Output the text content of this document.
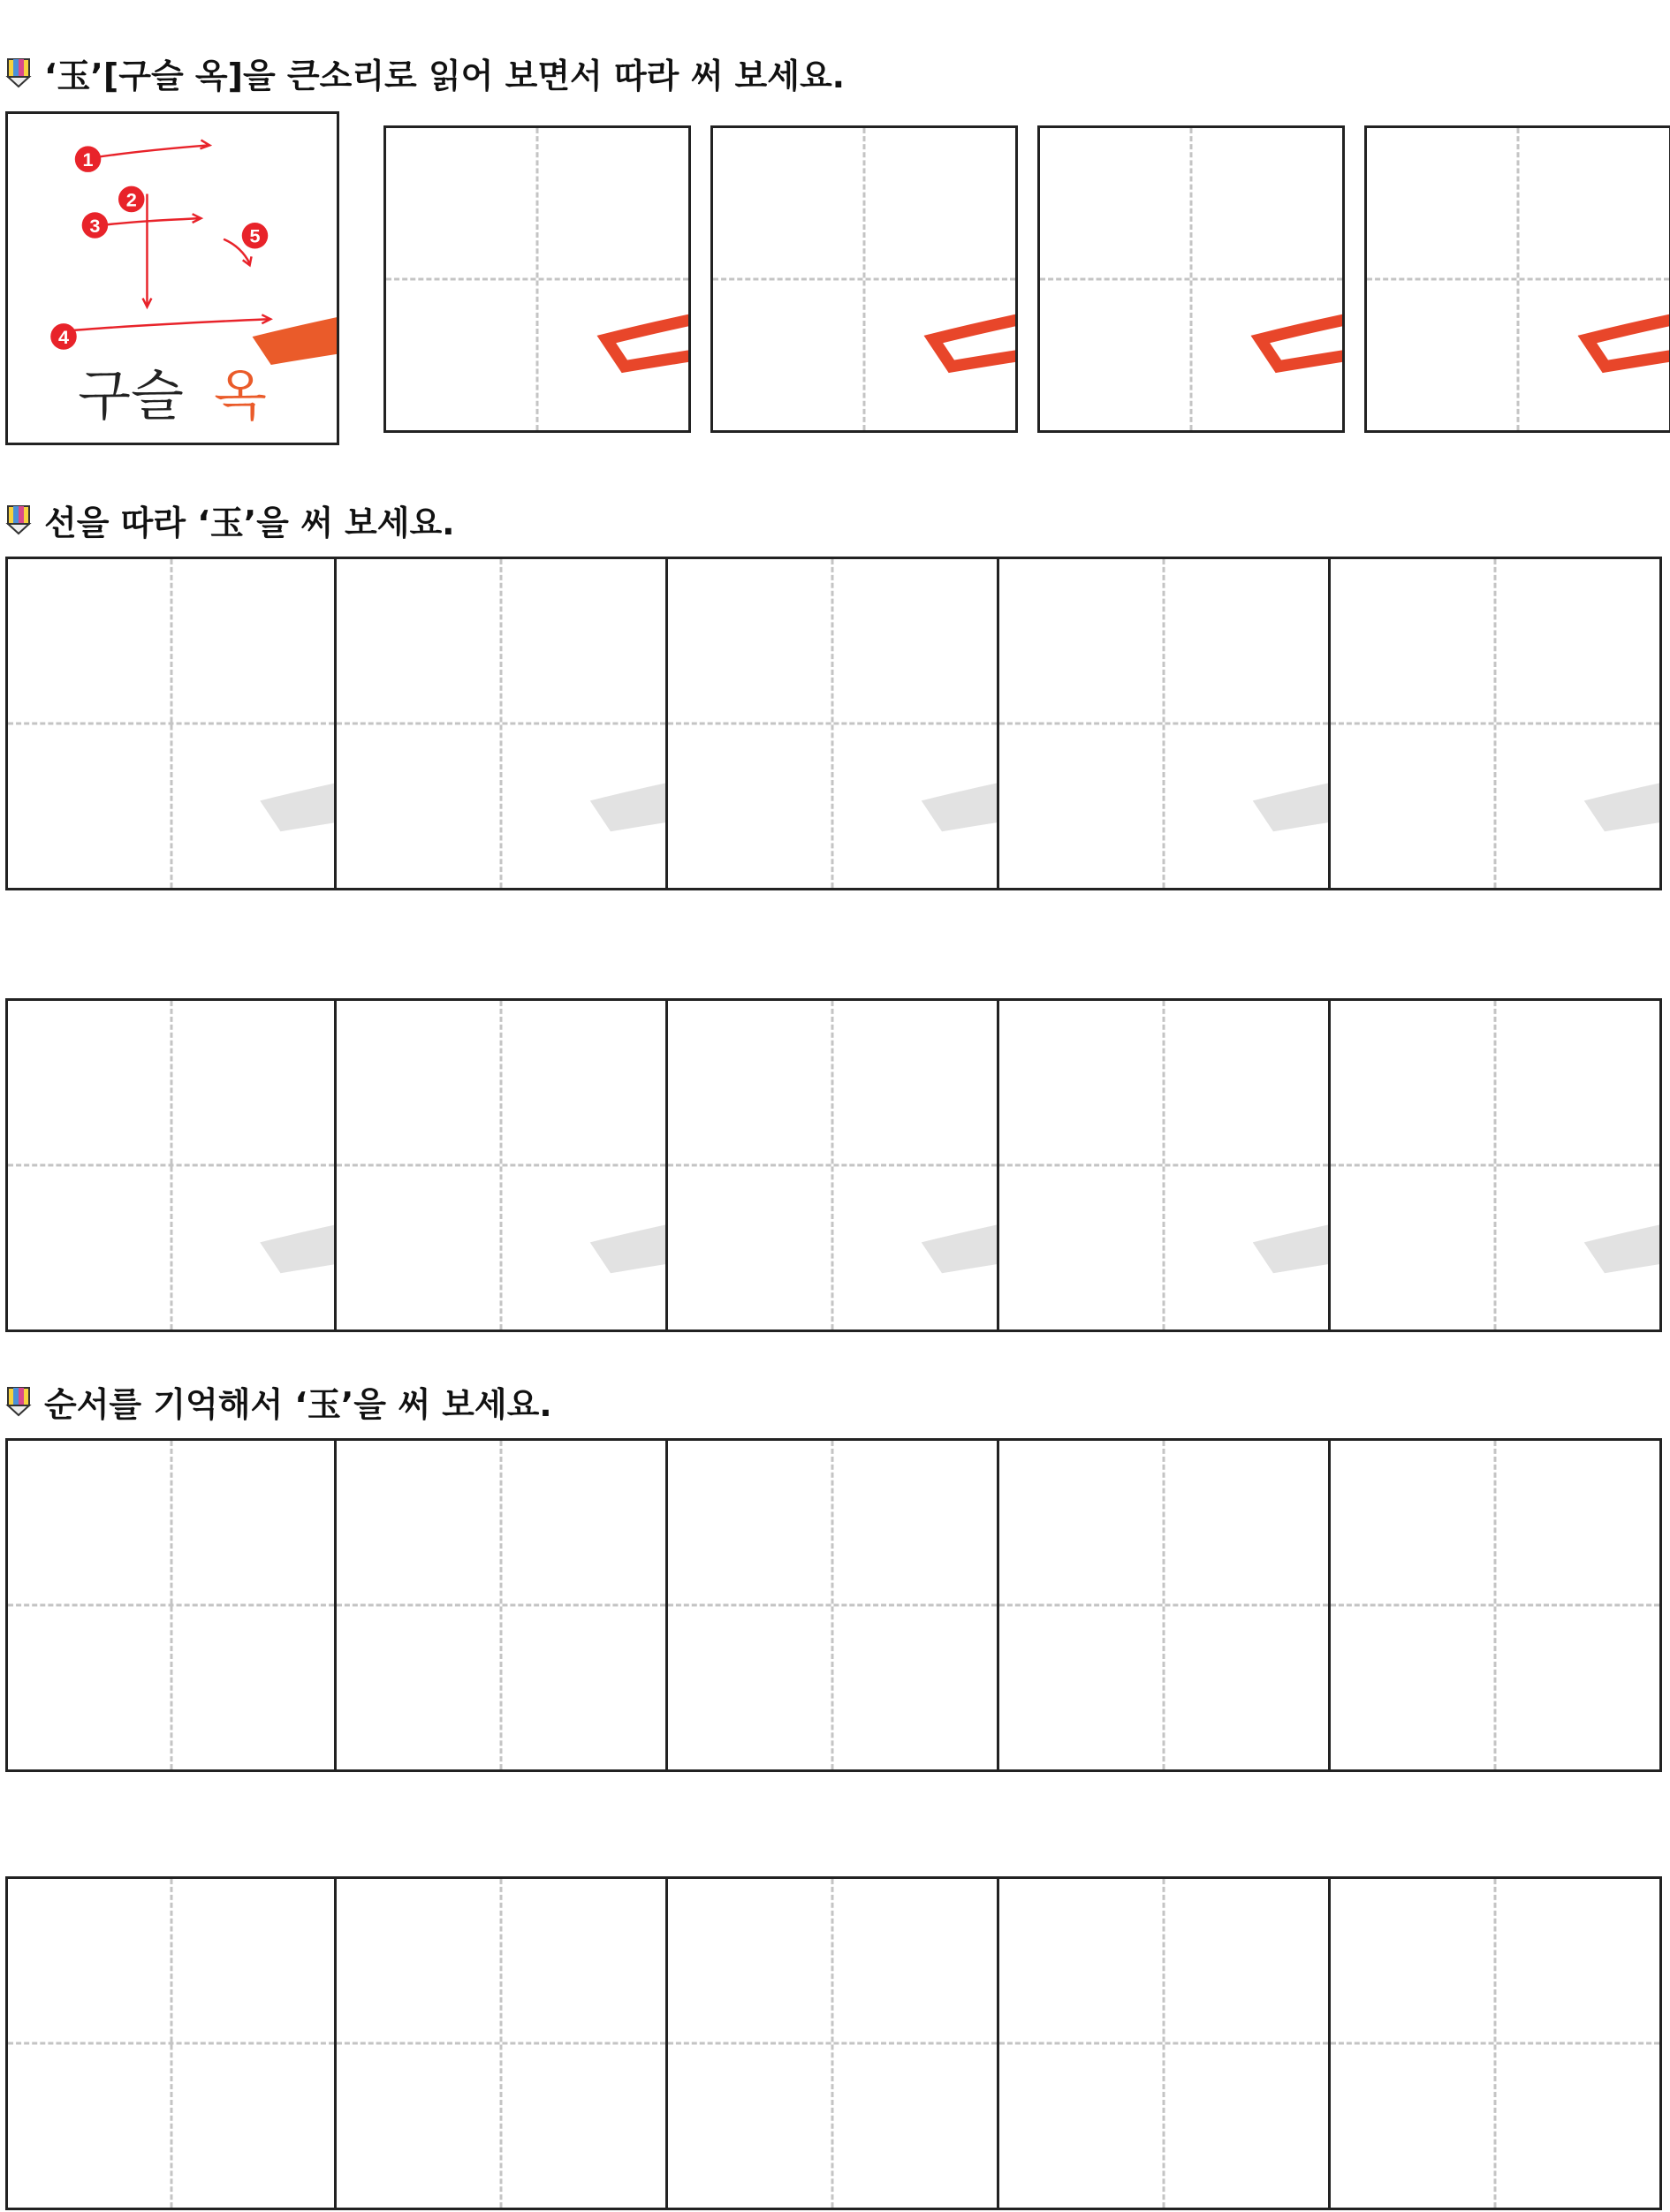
‘玉’[구슬 옥]을 큰소리로 읽어 보면서 따라 써 보세요.
1
2
3	5
4
구슬 옥
선을 따라 ‘玉’을 써 보세요.
순서를 기억해서 ‘玉’을 써 보세요.
